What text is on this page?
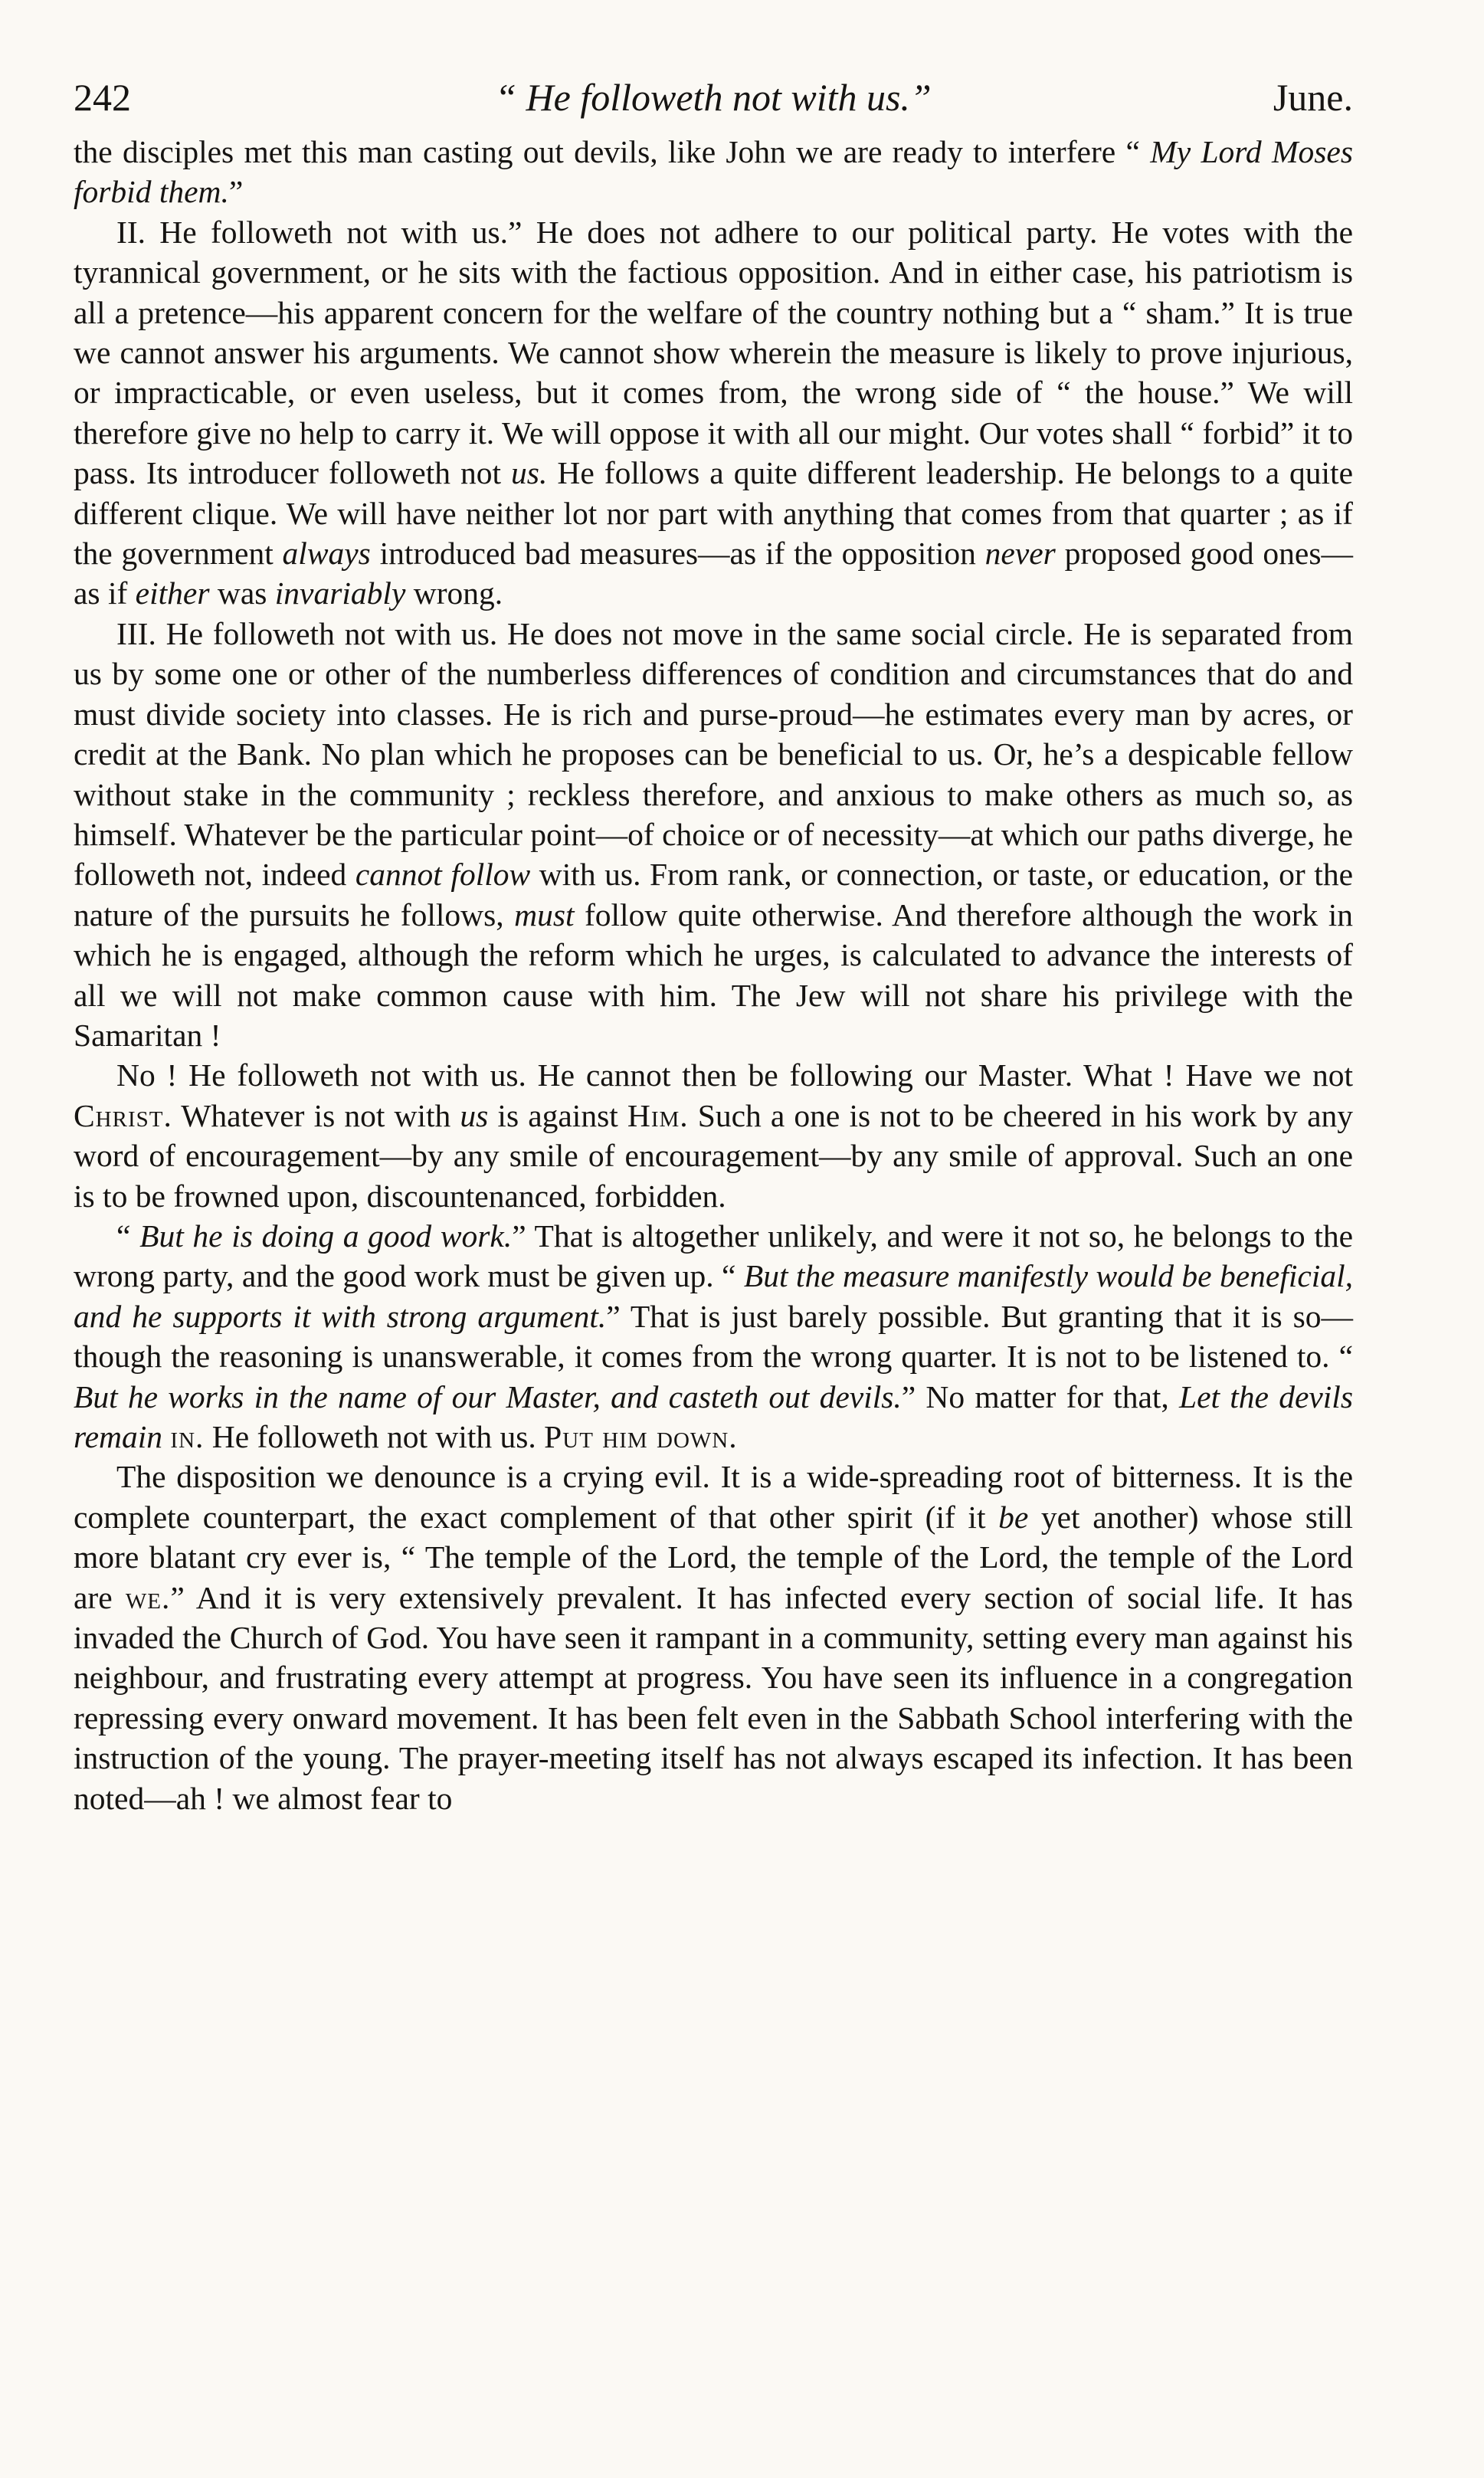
242	“ He followeth not with us.”	June.

the disciples met this man casting out devils, like John we are ready to interfere “ My Lord Moses forbid them.”

II. He followeth not with us.” He does not adhere to our political party. He votes with the tyrannical government, or he sits with the factious opposition. And in either case, his patriotism is all a pretence—his apparent concern for the welfare of the country nothing but a “ sham.” It is true we cannot answer his arguments. We cannot show wherein the measure is likely to prove injurious, or impracticable, or even useless, but it comes from, the wrong side of “ the house.” We will therefore give no help to carry it. We will oppose it with all our might. Our votes shall “ forbid” it to pass. Its introducer followeth not us. He follows a quite different leadership. He belongs to a quite different clique. We will have neither lot nor part with anything that comes from that quarter ; as if the government always introduced bad measures—as if the opposition never proposed good ones—as if either was invariably wrong.

III. He followeth not with us. He does not move in the same social circle. He is separated from us by some one or other of the numberless differences of condition and circumstances that do and must divide society into classes. He is rich and purse-proud—he estimates every man by acres, or credit at the Bank. No plan which he proposes can be beneficial to us. Or, he’s a despicable fellow without stake in the community ; reckless therefore, and anxious to make others as much so, as himself. Whatever be the particular point—of choice or of necessity—at which our paths diverge, he followeth not, indeed cannot follow with us. From rank, or connection, or taste, or education, or the nature of the pursuits he follows, must follow quite otherwise. And therefore although the work in which he is engaged, although the reform which he urges, is calculated to advance the interests of all we will not make common cause with him. The Jew will not share his privilege with the Samaritan !

No ! He followeth not with us. He cannot then be following our Master. What ! Have we not Christ. Whatever is not with us is against Him. Such a one is not to be cheered in his work by any word of encouragement—by any smile of encouragement—by any smile of approval. Such an one is to be frowned upon, discountenanced, forbidden.

“ But he is doing a good work.” That is altogether unlikely, and were it not so, he belongs to the wrong party, and the good work must be given up. “ But the measure manifestly would be beneficial, and he supports it with strong argument.” That is just barely possible. But granting that it is so—though the reasoning is unanswerable, it comes from the wrong quarter. It is not to be listened to. “ But he works in the name of our Master, and casteth out devils.” No matter for that, Let the devils remain in. He followeth not with us. Put him down.

The disposition we denounce is a crying evil. It is a wide-spreading root of bitterness. It is the complete counterpart, the exact complement of that other spirit (if it be yet another) whose still more blatant cry ever is, “ The temple of the Lord, the temple of the Lord, the temple of the Lord are we.” And it is very extensively prevalent. It has infected every section of social life. It has invaded the Church of God. You have seen it rampant in a community, setting every man against his neighbour, and frustrating every attempt at progress. You have seen its influence in a congregation repressing every onward movement. It has been felt even in the Sabbath School interfering with the instruction of the young. The prayer-meeting itself has not always escaped its infection. It has been noted—ah ! we almost fear to
